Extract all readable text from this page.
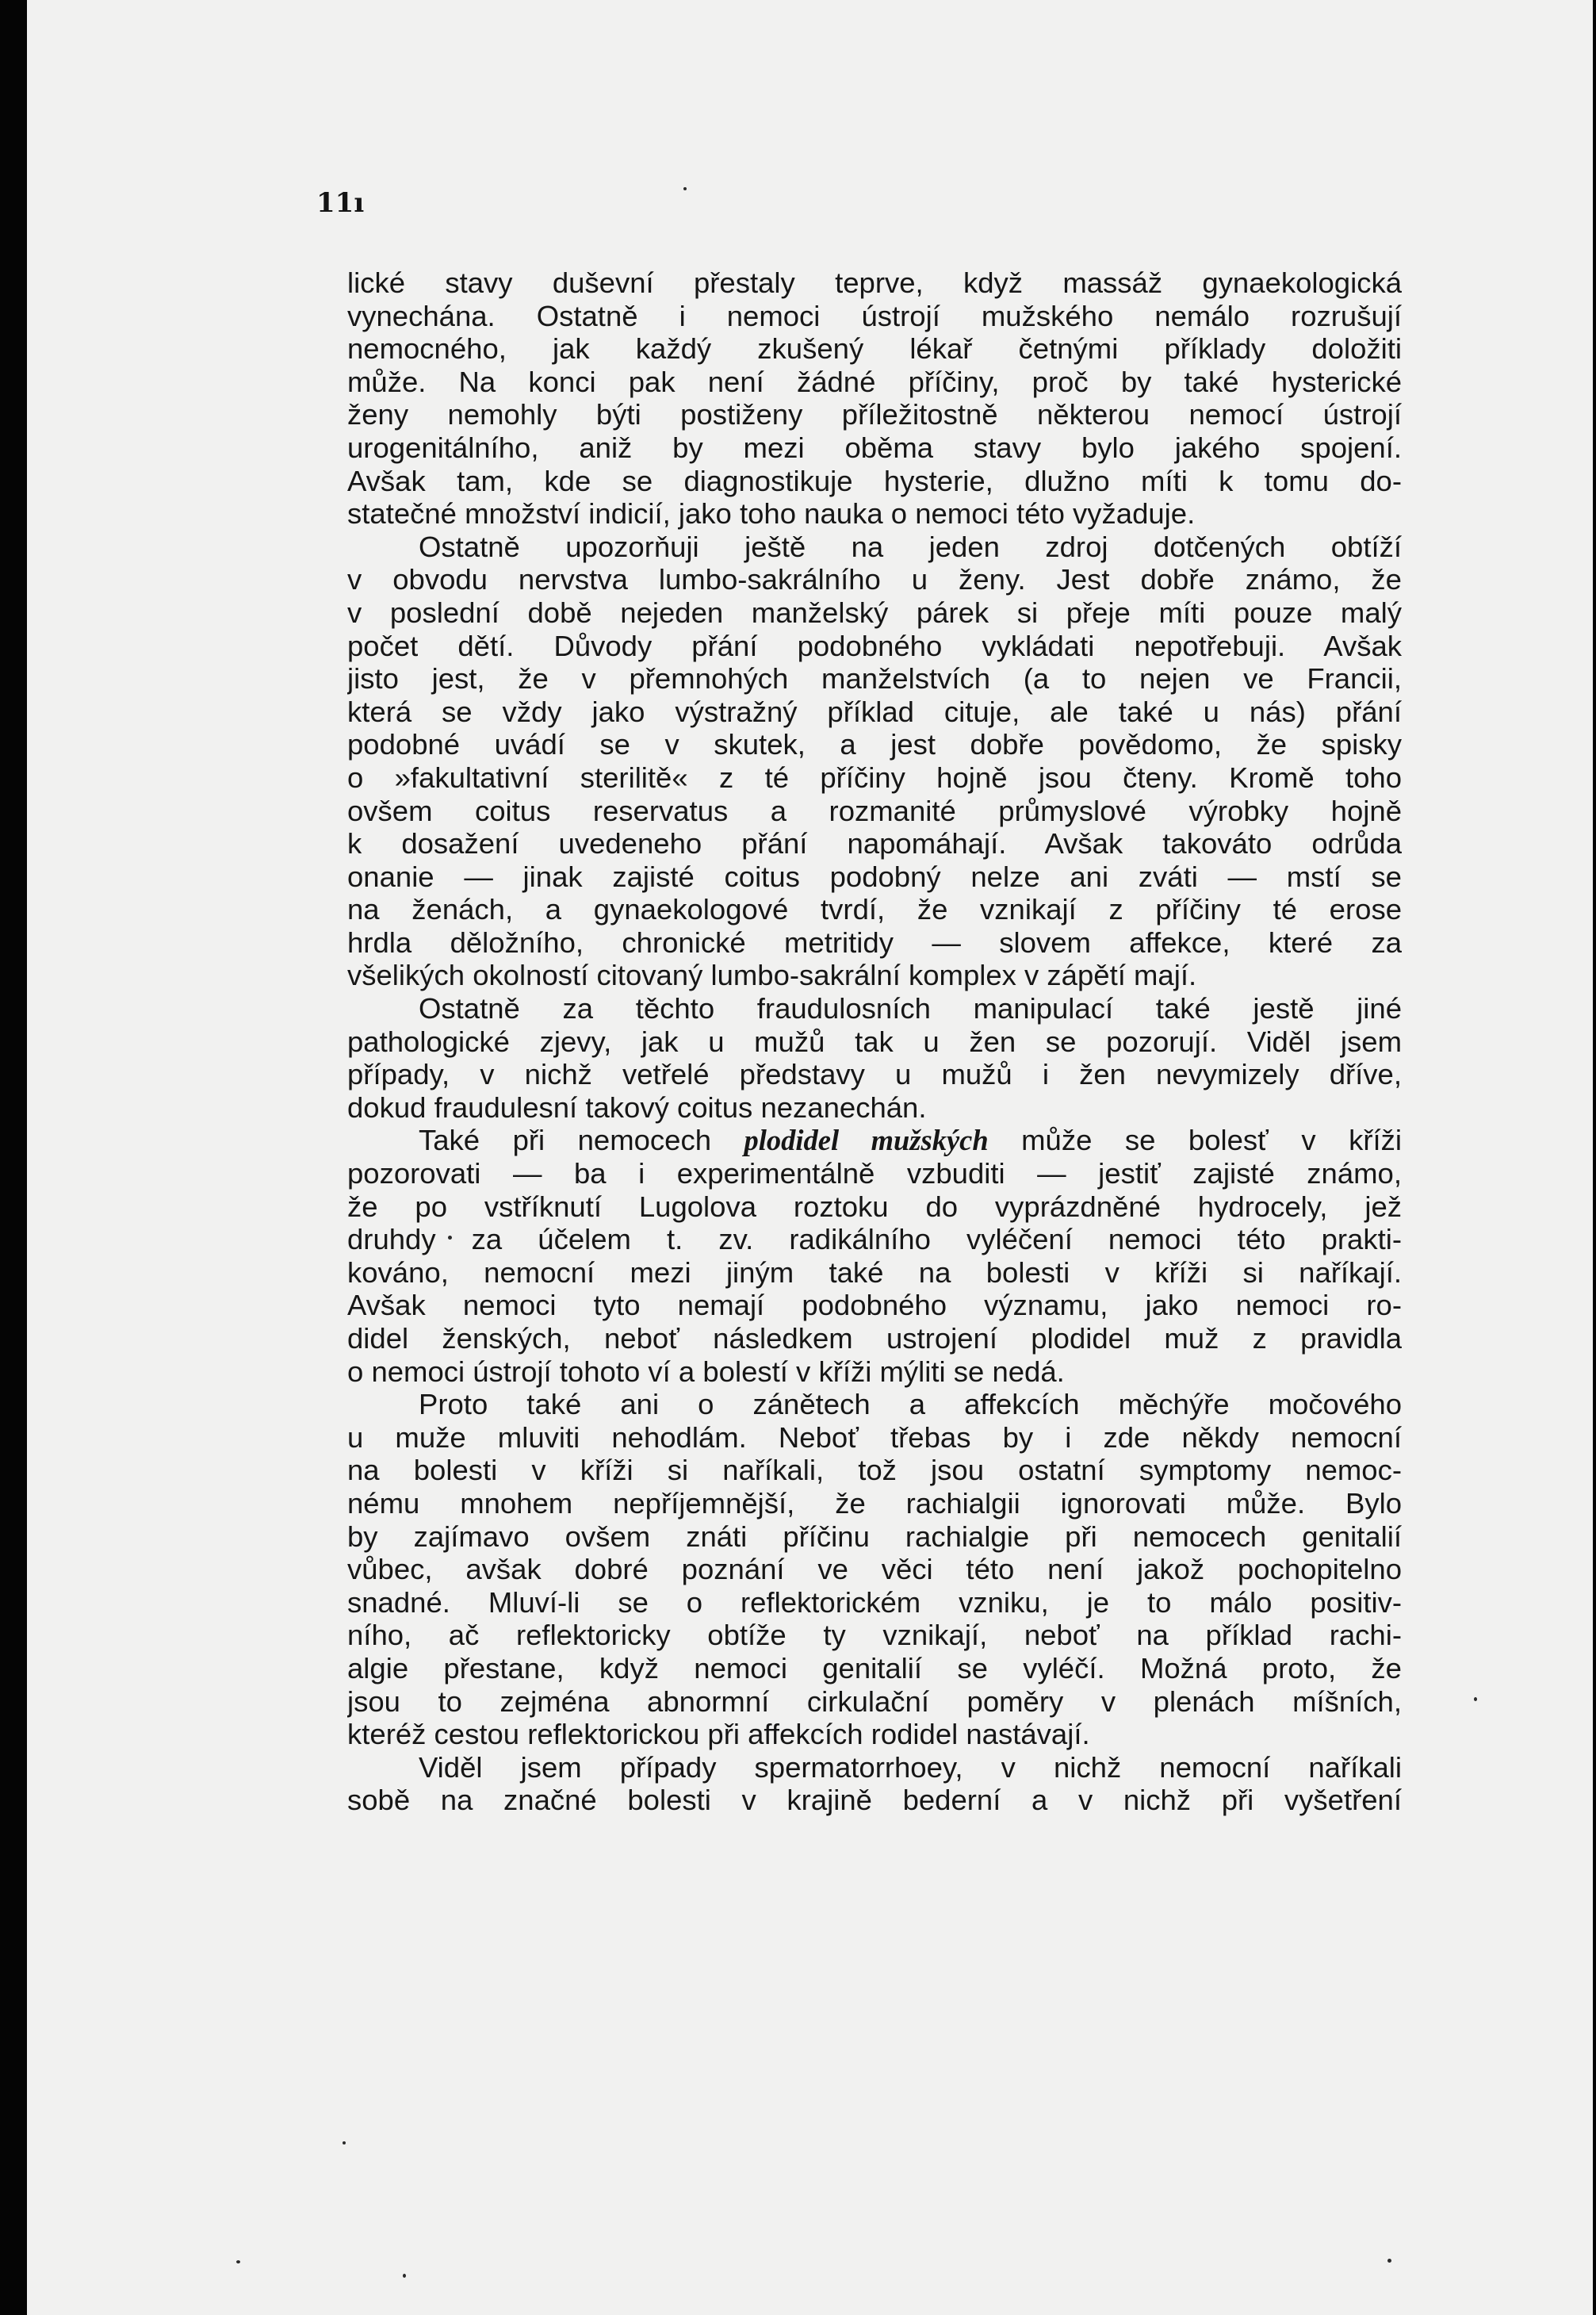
11ı

lické stavy duševní přestaly teprve, když massáž gynaekologická
vynechána. Ostatně i nemoci ústrojí mužského nemálo rozrušují
nemocného, jak každý zkušený lékař četnými příklady doložiti
může. Na konci pak není žádné příčiny, proč by také hysterické
ženy nemohly býti postiženy příležitostně některou nemocí ústrojí
urogenitálního, aniž by mezi oběma stavy bylo jakého spojení.
Avšak tam, kde se diagnostikuje hysterie, dlužno míti k tomu do-
statečné množství indicií, jako toho nauka o nemoci této vyžaduje.
Ostatně upozorňuji ještě na jeden zdroj dotčených obtíží
v obvodu nervstva lumbo-sakrálního u ženy. Jest dobře známo, že
v poslední době nejeden manželský párek si přeje míti pouze malý
počet dětí. Důvody přání podobného vykládati nepotřebuji. Avšak
jisto jest, že v přemnohých manželstvích (a to nejen ve Francii,
která se vždy jako výstražný příklad cituje, ale také u nás) přání
podobné uvádí se v skutek, a jest dobře povědomo, že spisky
o »fakultativní sterilitě« z té příčiny hojně jsou čteny. Kromě toho
ovšem coitus reservatus a rozmanité průmyslové výrobky hojně
k dosažení uvedeneho přání napomáhají. Avšak takováto odrůda
onanie — jinak zajisté coitus podobný nelze ani zváti — mstí se
na ženách, a gynaekologové tvrdí, že vznikají z příčiny té erose
hrdla děložního, chronické metritidy — slovem affekce, které za
všelikých okolností citovaný lumbo-sakrální komplex v zápětí mají.
Ostatně za těchto fraudulosních manipulací také jestě jiné
pathologické zjevy, jak u mužů tak u žen se pozorují. Viděl jsem
případy, v nichž vetřelé představy u mužů i žen nevymizely dříve,
dokud fraudulesní takový coitus nezanechán.
Také při nemocech plodidel mužských může se bolesť v kříži
pozorovati — ba i experimentálně vzbuditi — jestiť zajisté známo,
že po vstříknutí Lugolova roztoku do vyprázdněné hydrocely, jež
druhdy za účelem t. zv. radikálního vyléčení nemoci této prakti-
kováno, nemocní mezi jiným také na bolesti v kříži si naříkají.
Avšak nemoci tyto nemají podobného významu, jako nemoci ro-
didel ženských, neboť následkem ustrojení plodidel muž z pravidla
o nemoci ústrojí tohoto ví a bolestí v kříži mýliti se nedá.
Proto také ani o zánětech a affekcích měchýře močového
u muže mluviti nehodlám. Neboť třebas by i zde někdy nemocní
na bolesti v kříži si naříkali, tož jsou ostatní symptomy nemoc-
nému mnohem nepříjemnější, že rachialgii ignorovati může. Bylo
by zajímavo ovšem znáti příčinu rachialgie při nemocech genitalií
vůbec, avšak dobré poznání ve věci této není jakož pochopitelno
snadné. Mluví-li se o reflektorickém vzniku, je to málo positiv-
ního, ač reflektoricky obtíže ty vznikají, neboť na příklad rachi-
algie přestane, když nemoci genitalií se vyléčí. Možná proto, že
jsou to zejména abnormní cirkulační poměry v plenách míšních,
kteréž cestou reflektorickou při affekcích rodidel nastávají.
Viděl jsem případy spermatorrhoey, v nichž nemocní naříkali
sobě na značné bolesti v krajině bederní a v nichž při vyšetření
